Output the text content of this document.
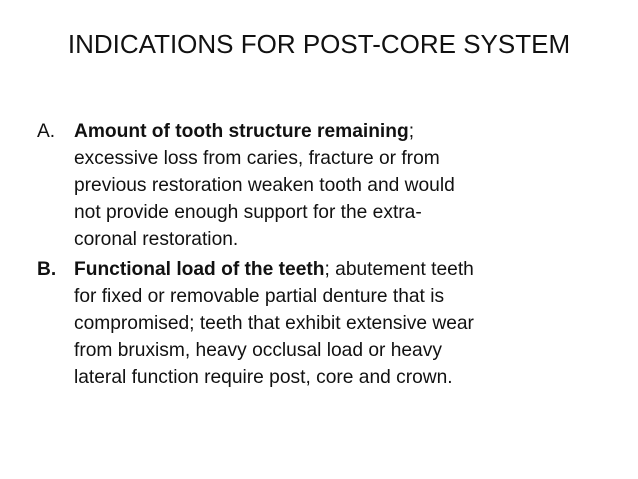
INDICATIONS FOR POST-CORE SYSTEM
A. Amount of tooth structure remaining;
excessive loss from caries, fracture or from
previous restoration weaken tooth and would
not provide enough support for the extra-
coronal restoration.
B. Functional load of the teeth; abutement teeth
for fixed or removable partial denture that is
compromised; teeth that exhibit extensive wear
from bruxism, heavy occlusal load or heavy
lateral function require post, core and crown.
